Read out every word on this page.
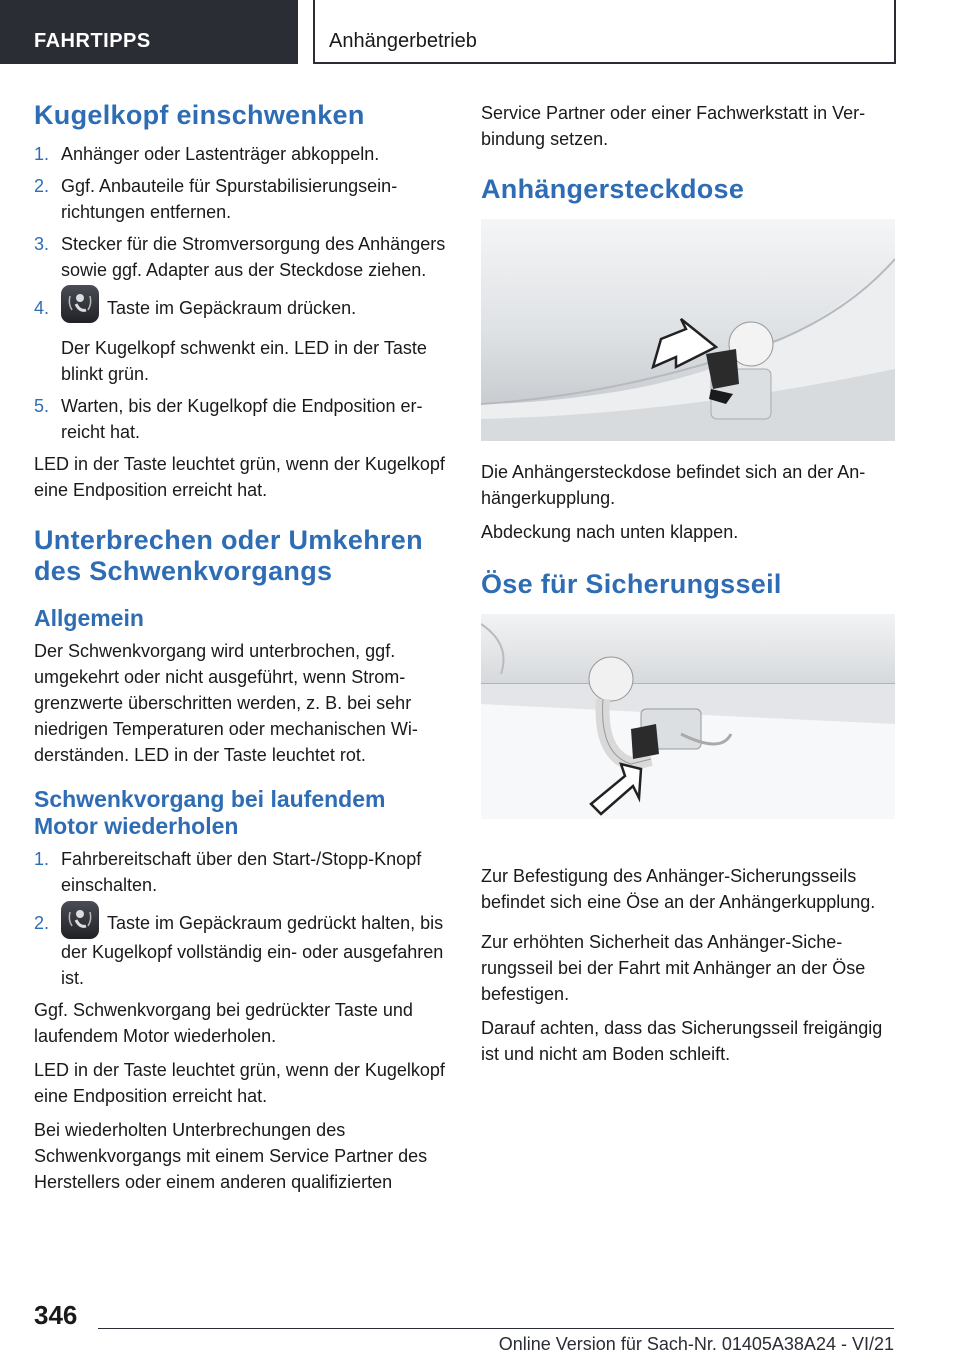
FAHRTIPPS	Anhängerbetrieb
Kugelkopf einschwenken
1. Anhänger oder Lastenträger abkoppeln.
2. Ggf. Anbauteile für Spurstabilisierungseinrichtungen entfernen.
3. Stecker für die Stromversorgung des Anhängers sowie ggf. Adapter aus der Steckdose ziehen.
4.	Taste im Gepäckraum drücken.
Der Kugelkopf schwenkt ein. LED in der Taste blinkt grün.
5. Warten, bis der Kugelkopf die Endposition erreicht hat.

LED in der Taste leuchtet grün, wenn der Kugelkopf eine Endposition erreicht hat.

Unterbrechen oder Umkehren des Schwenkvorgangs
Allgemein

Der Schwenkvorgang wird unterbrochen, ggf. umgekehrt oder nicht ausgeführt, wenn Stromgrenzwerte überschritten werden, z. B. bei sehr niedrigen Temperaturen oder mechanischen Widerständen. LED in der Taste leuchtet rot.

Schwenkvorgang bei laufendem Motor wiederholen
1. Fahrbereitschaft über den Start-/Stopp-Knopf einschalten.
2.	Taste im Gepäckraum gedrückt halten, bis der Kugelkopf vollständig ein- oder ausgefahren ist.

Ggf. Schwenkvorgang bei gedrückter Taste und laufendem Motor wiederholen.

LED in der Taste leuchtet grün, wenn der Kugelkopf eine Endposition erreicht hat.

Bei wiederholten Unterbrechungen des Schwenkvorgangs mit einem Service Partner des Herstellers oder einem anderen qualifizierten

Service Partner oder einer Fachwerkstatt in Verbindung setzen.

Anhängersteckdose

Die Anhängersteckdose befindet sich an der Anhängerkupplung.

Abdeckung nach unten klappen.

Öse für Sicherungsseil

Zur Befestigung des Anhänger-Sicherungsseils befindet sich eine Öse an der Anhängerkupplung.

Zur erhöhten Sicherheit das Anhänger-Sicherungsseil bei der Fahrt mit Anhänger an der Öse befestigen.

Darauf achten, dass das Sicherungsseil freigängig ist und nicht am Boden schleift.

346
Online Version für Sach-Nr. 01405A38A24 - VI/21
